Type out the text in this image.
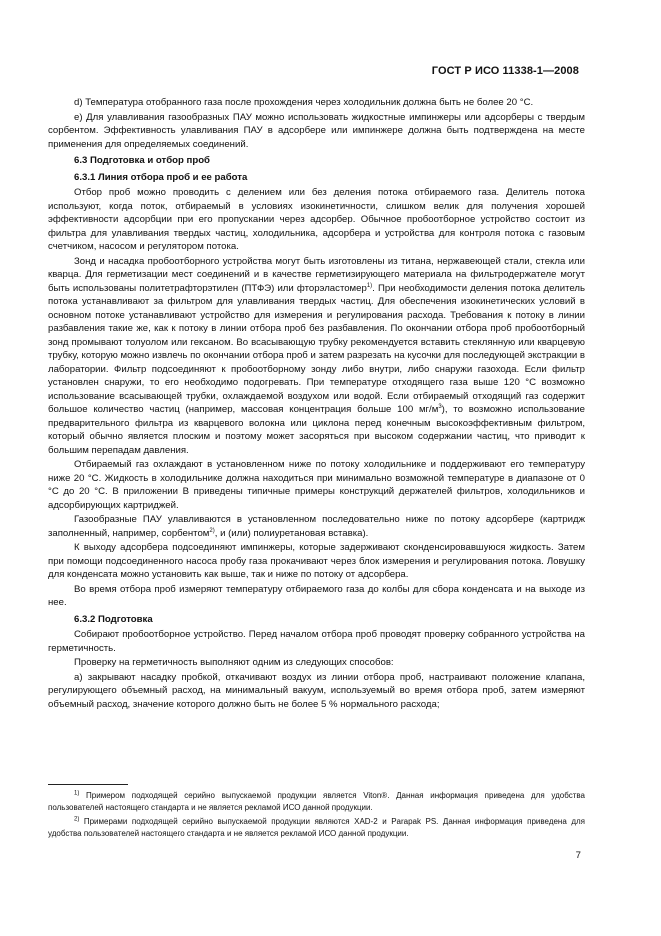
ГОСТ Р ИСО 11338-1—2008

d) Температура отобранного газа после прохождения через холодильник должна быть не более 20 °С.

e) Для улавливания газообразных ПАУ можно использовать жидкостные импинжеры или адсорберы с твердым сорбентом. Эффективность улавливания ПАУ в адсорбере или импинжере должна быть подтверждена на месте применения для определяемых соединений.

6.3 Подготовка и отбор проб
6.3.1 Линия отбора проб и ее работа

Отбор проб можно проводить с делением или без деления потока отбираемого газа. Делитель потока используют, когда поток, отбираемый в условиях изокинетичности, слишком велик для получения хорошей эффективности адсорбции при его пропускании через адсорбер. Обычное пробоотборное устройство состоит из фильтра для улавливания твердых частиц, холодильника, адсорбера и устройства для контроля потока с газовым счетчиком, насосом и регулятором потока.

Зонд и насадка пробоотборного устройства могут быть изготовлены из титана, нержавеющей стали, стекла или кварца. Для герметизации мест соединений и в качестве герметизирующего материала на фильтродержателе могут быть использованы политетрафторэтилен (ПТФЭ) или фторэластомер$^{1)}$. При необходимости деления потока делитель потока устанавливают за фильтром для улавливания твердых частиц. Для обеспечения изокинетических условий в основном потоке устанавливают устройство для измерения и регулирования расхода. Требования к потоку в линии разбавления такие же, как к потоку в линии отбора проб без разбавления. По окончании отбора проб пробоотборный зонд промывают толуолом или гексаном. Во всасывающую трубку рекомендуется вставить стеклянную или кварцевую трубку, которую можно извлечь по окончании отбора проб и затем разрезать на кусочки для последующей экстракции в лаборатории. Фильтр подсоединяют к пробоотборному зонду либо внутри, либо снаружи газохода. Если фильтр установлен снаружи, то его необходимо подогревать. При температуре отходящего газа выше 120 °С возможно использование всасывающей трубки, охлаждаемой воздухом или водой. Если отбираемый отходящий газ содержит большое количество частиц (например, массовая концентрация больше 100 $мг/м^3$), то возможно использование предварительного фильтра из кварцевого волокна или циклона перед конечным высокоэффективным фильтром, который обычно является плоским и поэтому может засоряться при высоком содержании частиц, что приводит к большим перепадам давления.

Отбираемый газ охлаждают в установленном ниже по потоку холодильнике и поддерживают его температуру ниже 20 °С. Жидкость в холодильнике должна находиться при минимально возможной температуре в диапазоне от 0 °С до 20 °С. В приложении В приведены типичные примеры конструкций держателей фильтров, холодильников и адсорбирующих картриджей.

Газообразные ПАУ улавливаются в установленном последовательно ниже по потоку адсорбере (картридж заполненный, например, сорбентом$^{2)}$, и (или) полиуретановая вставка).

К выходу адсорбера подсоединяют импинжеры, которые задерживают сконденсировавшуюся жидкость. Затем при помощи подсоединенного насоса пробу газа прокачивают через блок измерения и регулирования потока. Ловушку для конденсата можно установить как выше, так и ниже по потоку от адсорбера.

Во время отбора проб измеряют температуру отбираемого газа до колбы для сбора конденсата и на выходе из нее.

6.3.2 Подготовка

Собирают пробоотборное устройство. Перед началом отбора проб проводят проверку собранного устройства на герметичность.

Проверку на герметичность выполняют одним из следующих способов:

а) закрывают насадку пробкой, откачивают воздух из линии отбора проб, настраивают положение клапана, регулирующего объемный расход, на минимальный вакуум, используемый во время отбора проб, затем измеряют объемный расход, значение которого должно быть не более 5 % нормального расхода;

$^{1)}$ Примером подходящей серийно выпускаемой продукции является Viton®. Данная информация приведена для удобства пользователей настоящего стандарта и не является рекламой ИСО данной продукции.

$^{2)}$ Примерами подходящей серийно выпускаемой продукции являются XAD-2 и Parapak PS. Данная информация приведена для удобства пользователей настоящего стандарта и не является рекламой ИСО данной продукции.

7
